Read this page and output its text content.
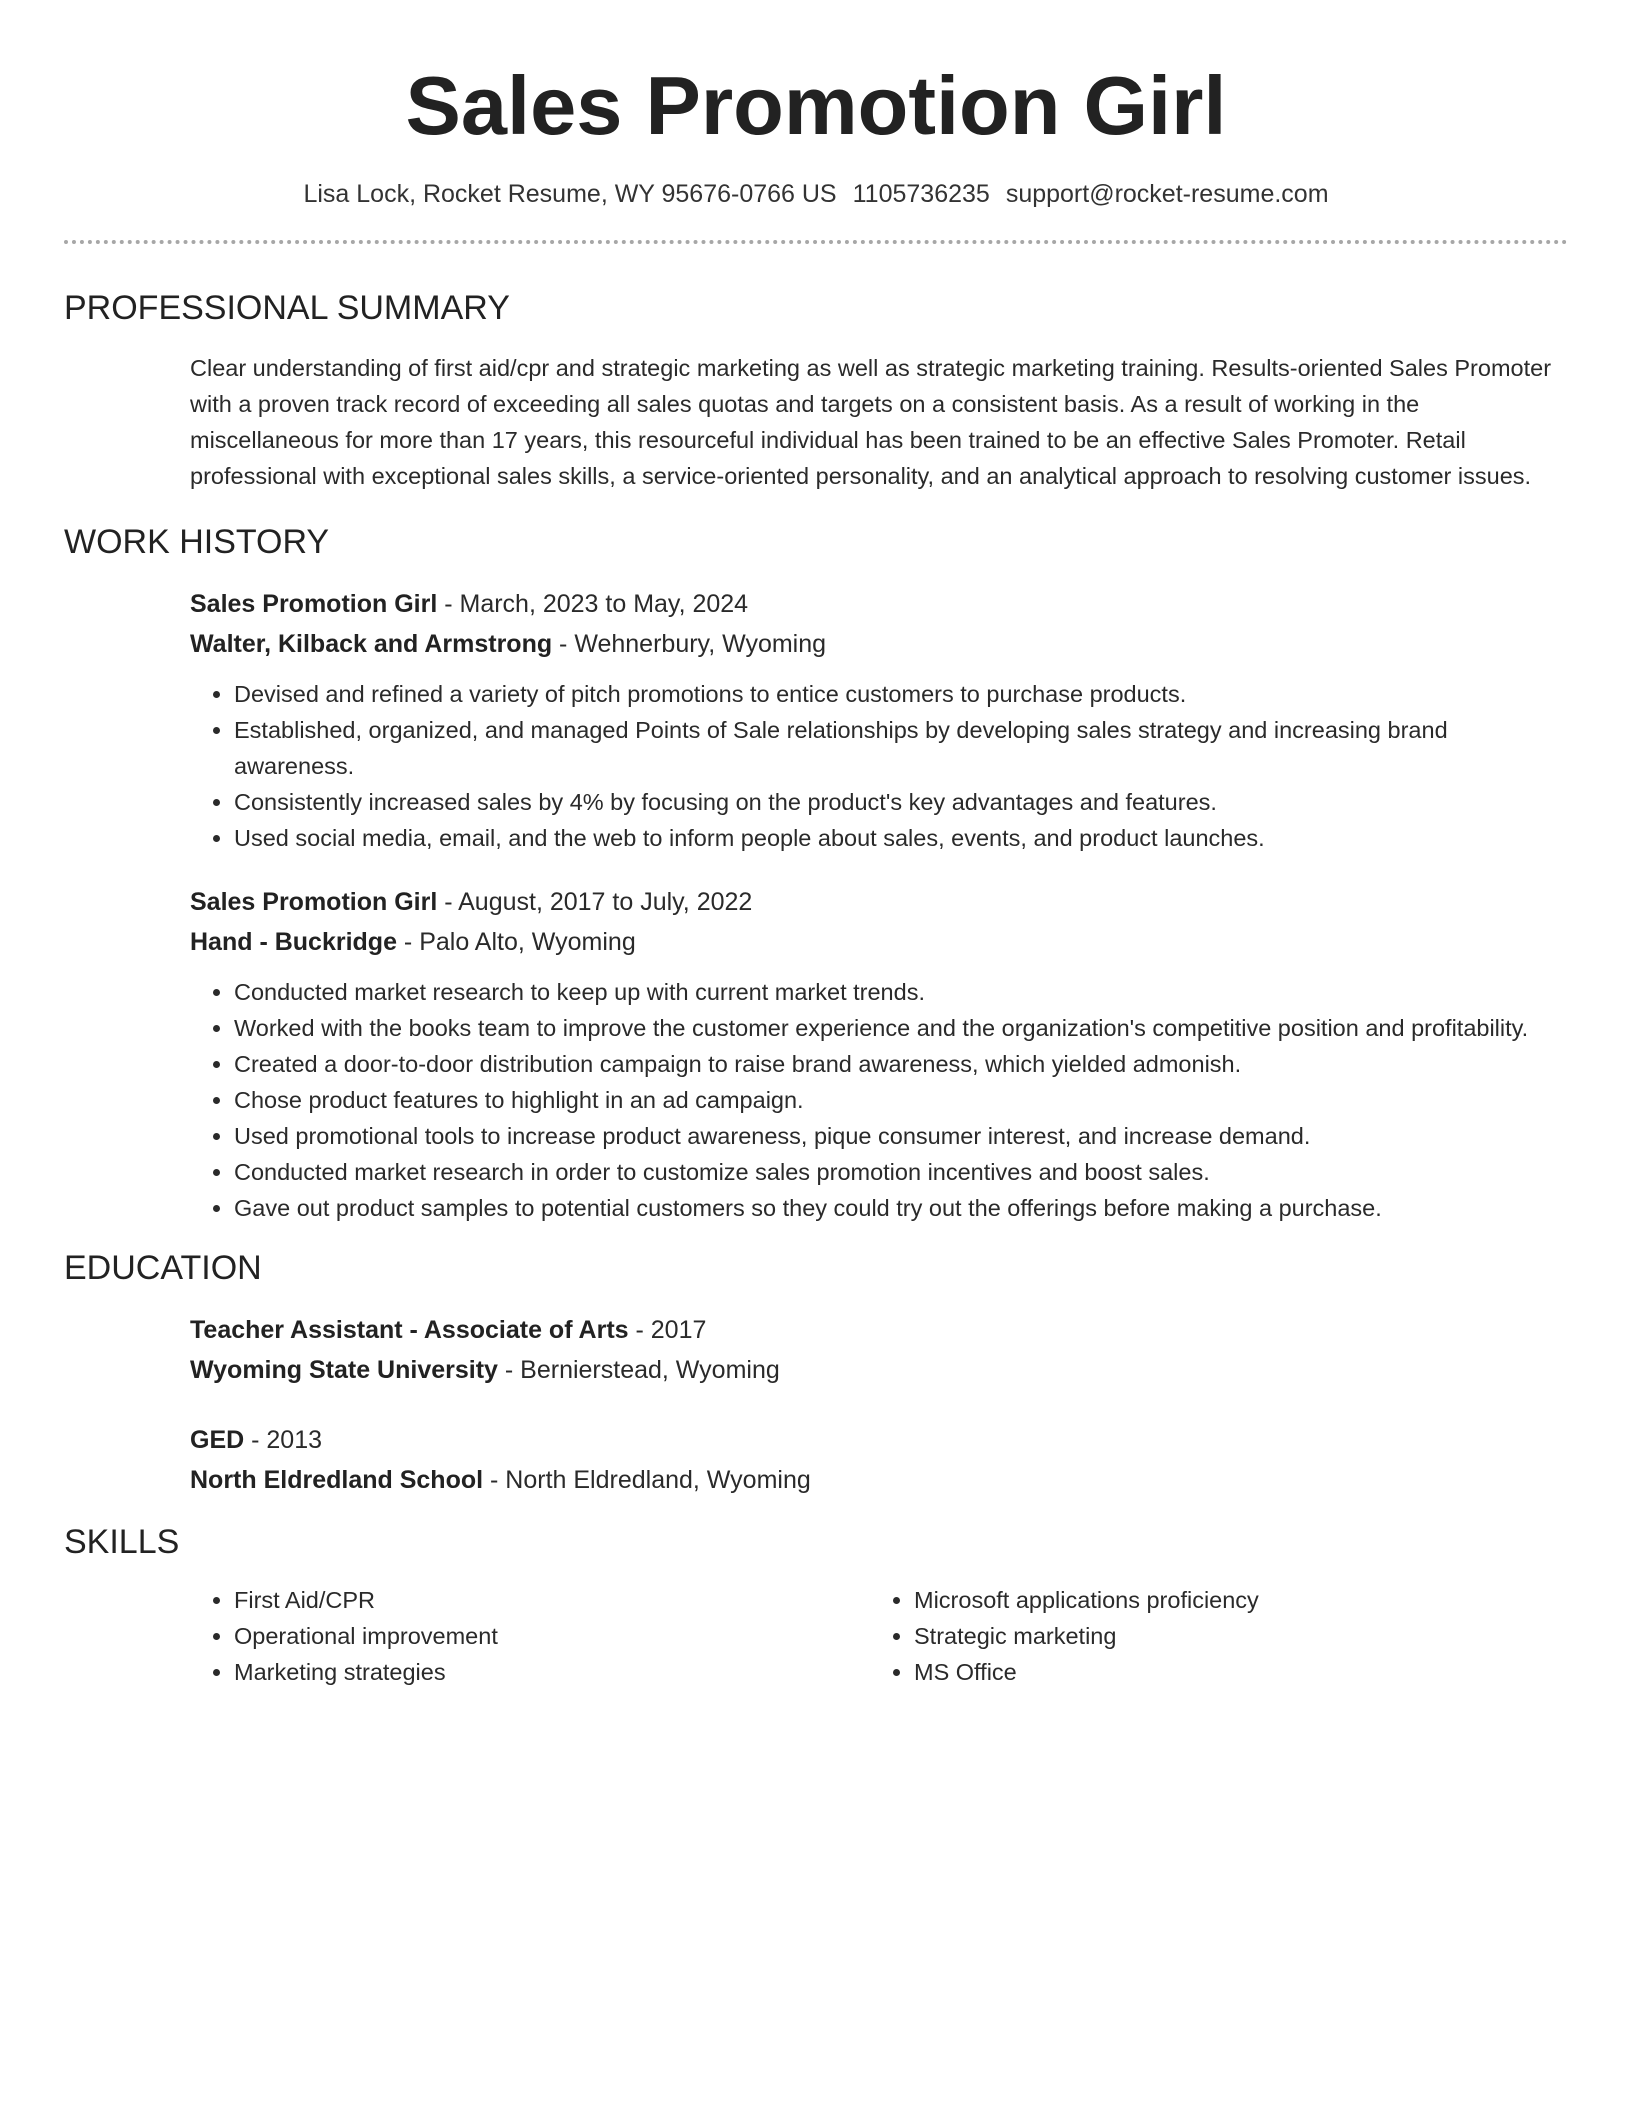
Sales Promotion Girl
Lisa Lock, Rocket Resume, WY 95676-0766 US 1105736235 support@rocket-resume.com
PROFESSIONAL SUMMARY
Clear understanding of first aid/cpr and strategic marketing as well as strategic marketing training. Results-oriented Sales Promoter with a proven track record of exceeding all sales quotas and targets on a consistent basis. As a result of working in the miscellaneous for more than 17 years, this resourceful individual has been trained to be an effective Sales Promoter. Retail professional with exceptional sales skills, a service-oriented personality, and an analytical approach to resolving customer issues.
WORK HISTORY
Sales Promotion Girl - March, 2023 to May, 2024
Walter, Kilback and Armstrong - Wehnerbury, Wyoming
• Devised and refined a variety of pitch promotions to entice customers to purchase products.
• Established, organized, and managed Points of Sale relationships by developing sales strategy and increasing brand awareness.
• Consistently increased sales by 4% by focusing on the product's key advantages and features.
• Used social media, email, and the web to inform people about sales, events, and product launches.
Sales Promotion Girl - August, 2017 to July, 2022
Hand - Buckridge - Palo Alto, Wyoming
• Conducted market research to keep up with current market trends.
• Worked with the books team to improve the customer experience and the organization's competitive position and profitability.
• Created a door-to-door distribution campaign to raise brand awareness, which yielded admonish.
• Chose product features to highlight in an ad campaign.
• Used promotional tools to increase product awareness, pique consumer interest, and increase demand.
• Conducted market research in order to customize sales promotion incentives and boost sales.
• Gave out product samples to potential customers so they could try out the offerings before making a purchase.
EDUCATION
Teacher Assistant - Associate of Arts - 2017
Wyoming State University - Bernierstead, Wyoming
GED - 2013
North Eldredland School - North Eldredland, Wyoming
SKILLS
• First Aid/CPR
• Operational improvement
• Marketing strategies
• Microsoft applications proficiency
• Strategic marketing
• MS Office
